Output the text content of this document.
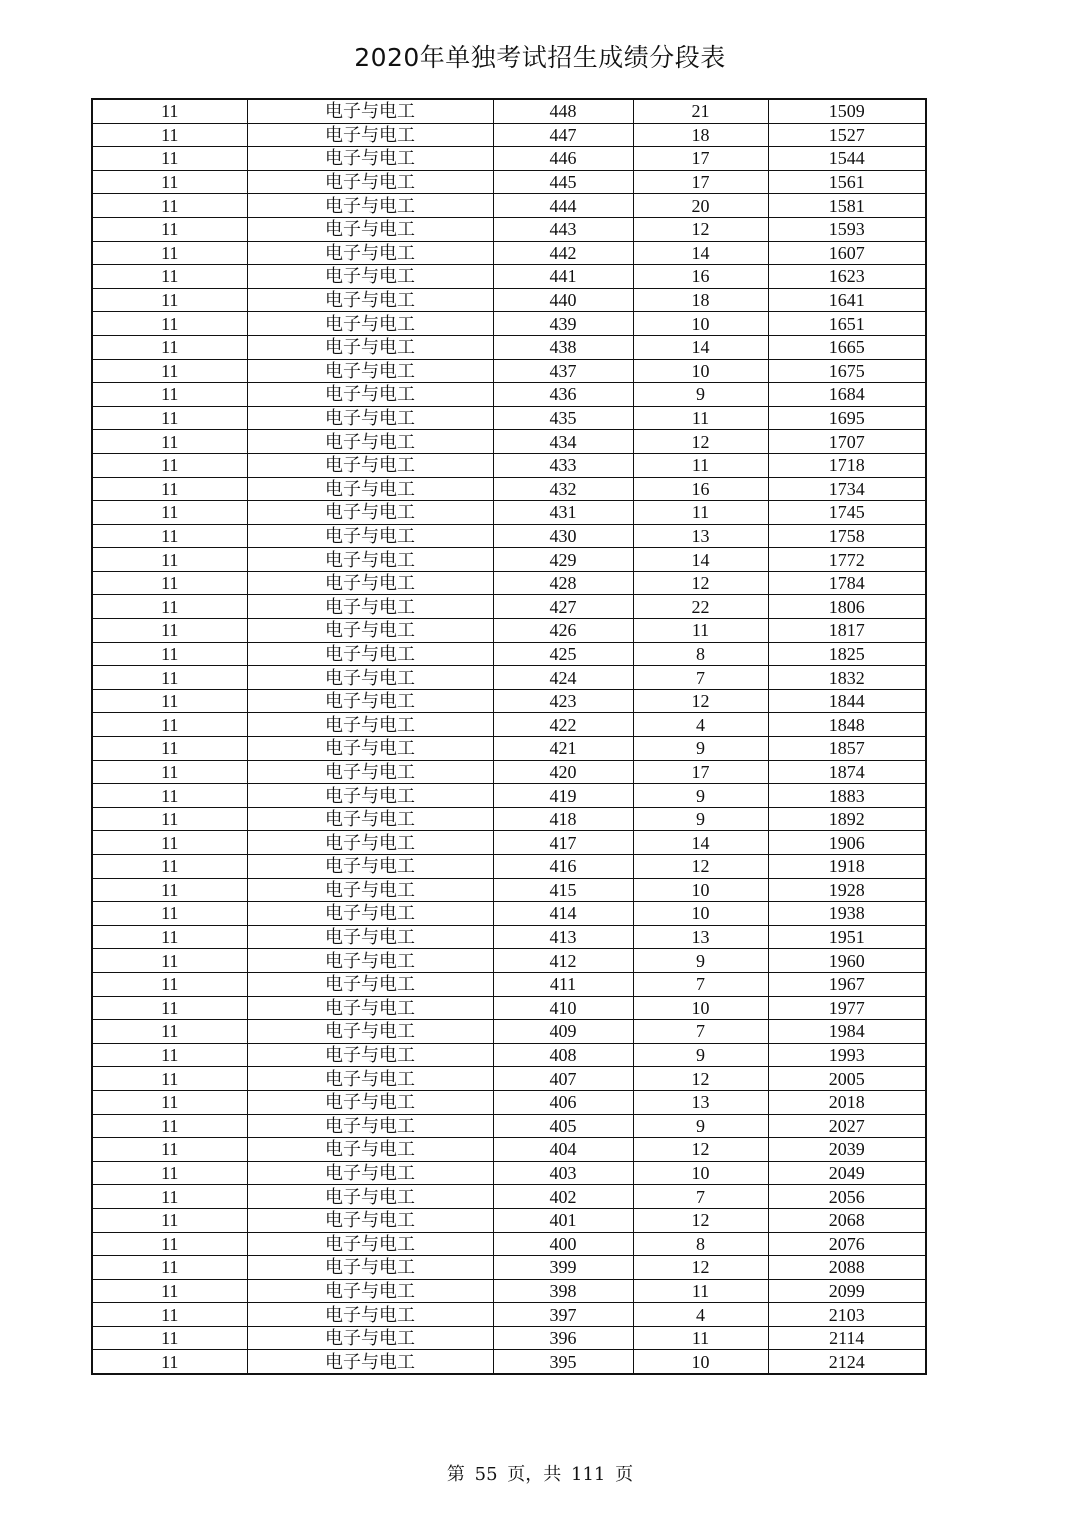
2020年单独考试招生成绩分段表
11	电子与电工	448	21	1509
11	电子与电工	447	18	1527
11	电子与电工	446	17	1544
11	电子与电工	445	17	1561
11	电子与电工	444	20	1581
11	电子与电工	443	12	1593
11	电子与电工	442	14	1607
11	电子与电工	441	16	1623
11	电子与电工	440	18	1641
11	电子与电工	439	10	1651
11	电子与电工	438	14	1665
11	电子与电工	437	10	1675
11	电子与电工	436	9	1684
11	电子与电工	435	11	1695
11	电子与电工	434	12	1707
11	电子与电工	433	11	1718
11	电子与电工	432	16	1734
11	电子与电工	431	11	1745
11	电子与电工	430	13	1758
11	电子与电工	429	14	1772
11	电子与电工	428	12	1784
11	电子与电工	427	22	1806
11	电子与电工	426	11	1817
11	电子与电工	425	8	1825
11	电子与电工	424	7	1832
11	电子与电工	423	12	1844
11	电子与电工	422	4	1848
11	电子与电工	421	9	1857
11	电子与电工	420	17	1874
11	电子与电工	419	9	1883
11	电子与电工	418	9	1892
11	电子与电工	417	14	1906
11	电子与电工	416	12	1918
11	电子与电工	415	10	1928
11	电子与电工	414	10	1938
11	电子与电工	413	13	1951
11	电子与电工	412	9	1960
11	电子与电工	411	7	1967
11	电子与电工	410	10	1977
11	电子与电工	409	7	1984
11	电子与电工	408	9	1993
11	电子与电工	407	12	2005
11	电子与电工	406	13	2018
11	电子与电工	405	9	2027
11	电子与电工	404	12	2039
11	电子与电工	403	10	2049
11	电子与电工	402	7	2056
11	电子与电工	401	12	2068
11	电子与电工	400	8	2076
11	电子与电工	399	12	2088
11	电子与电工	398	11	2099
11	电子与电工	397	4	2103
11	电子与电工	396	11	2114
11	电子与电工	395	10	2124
第 55 页，共 111 页
